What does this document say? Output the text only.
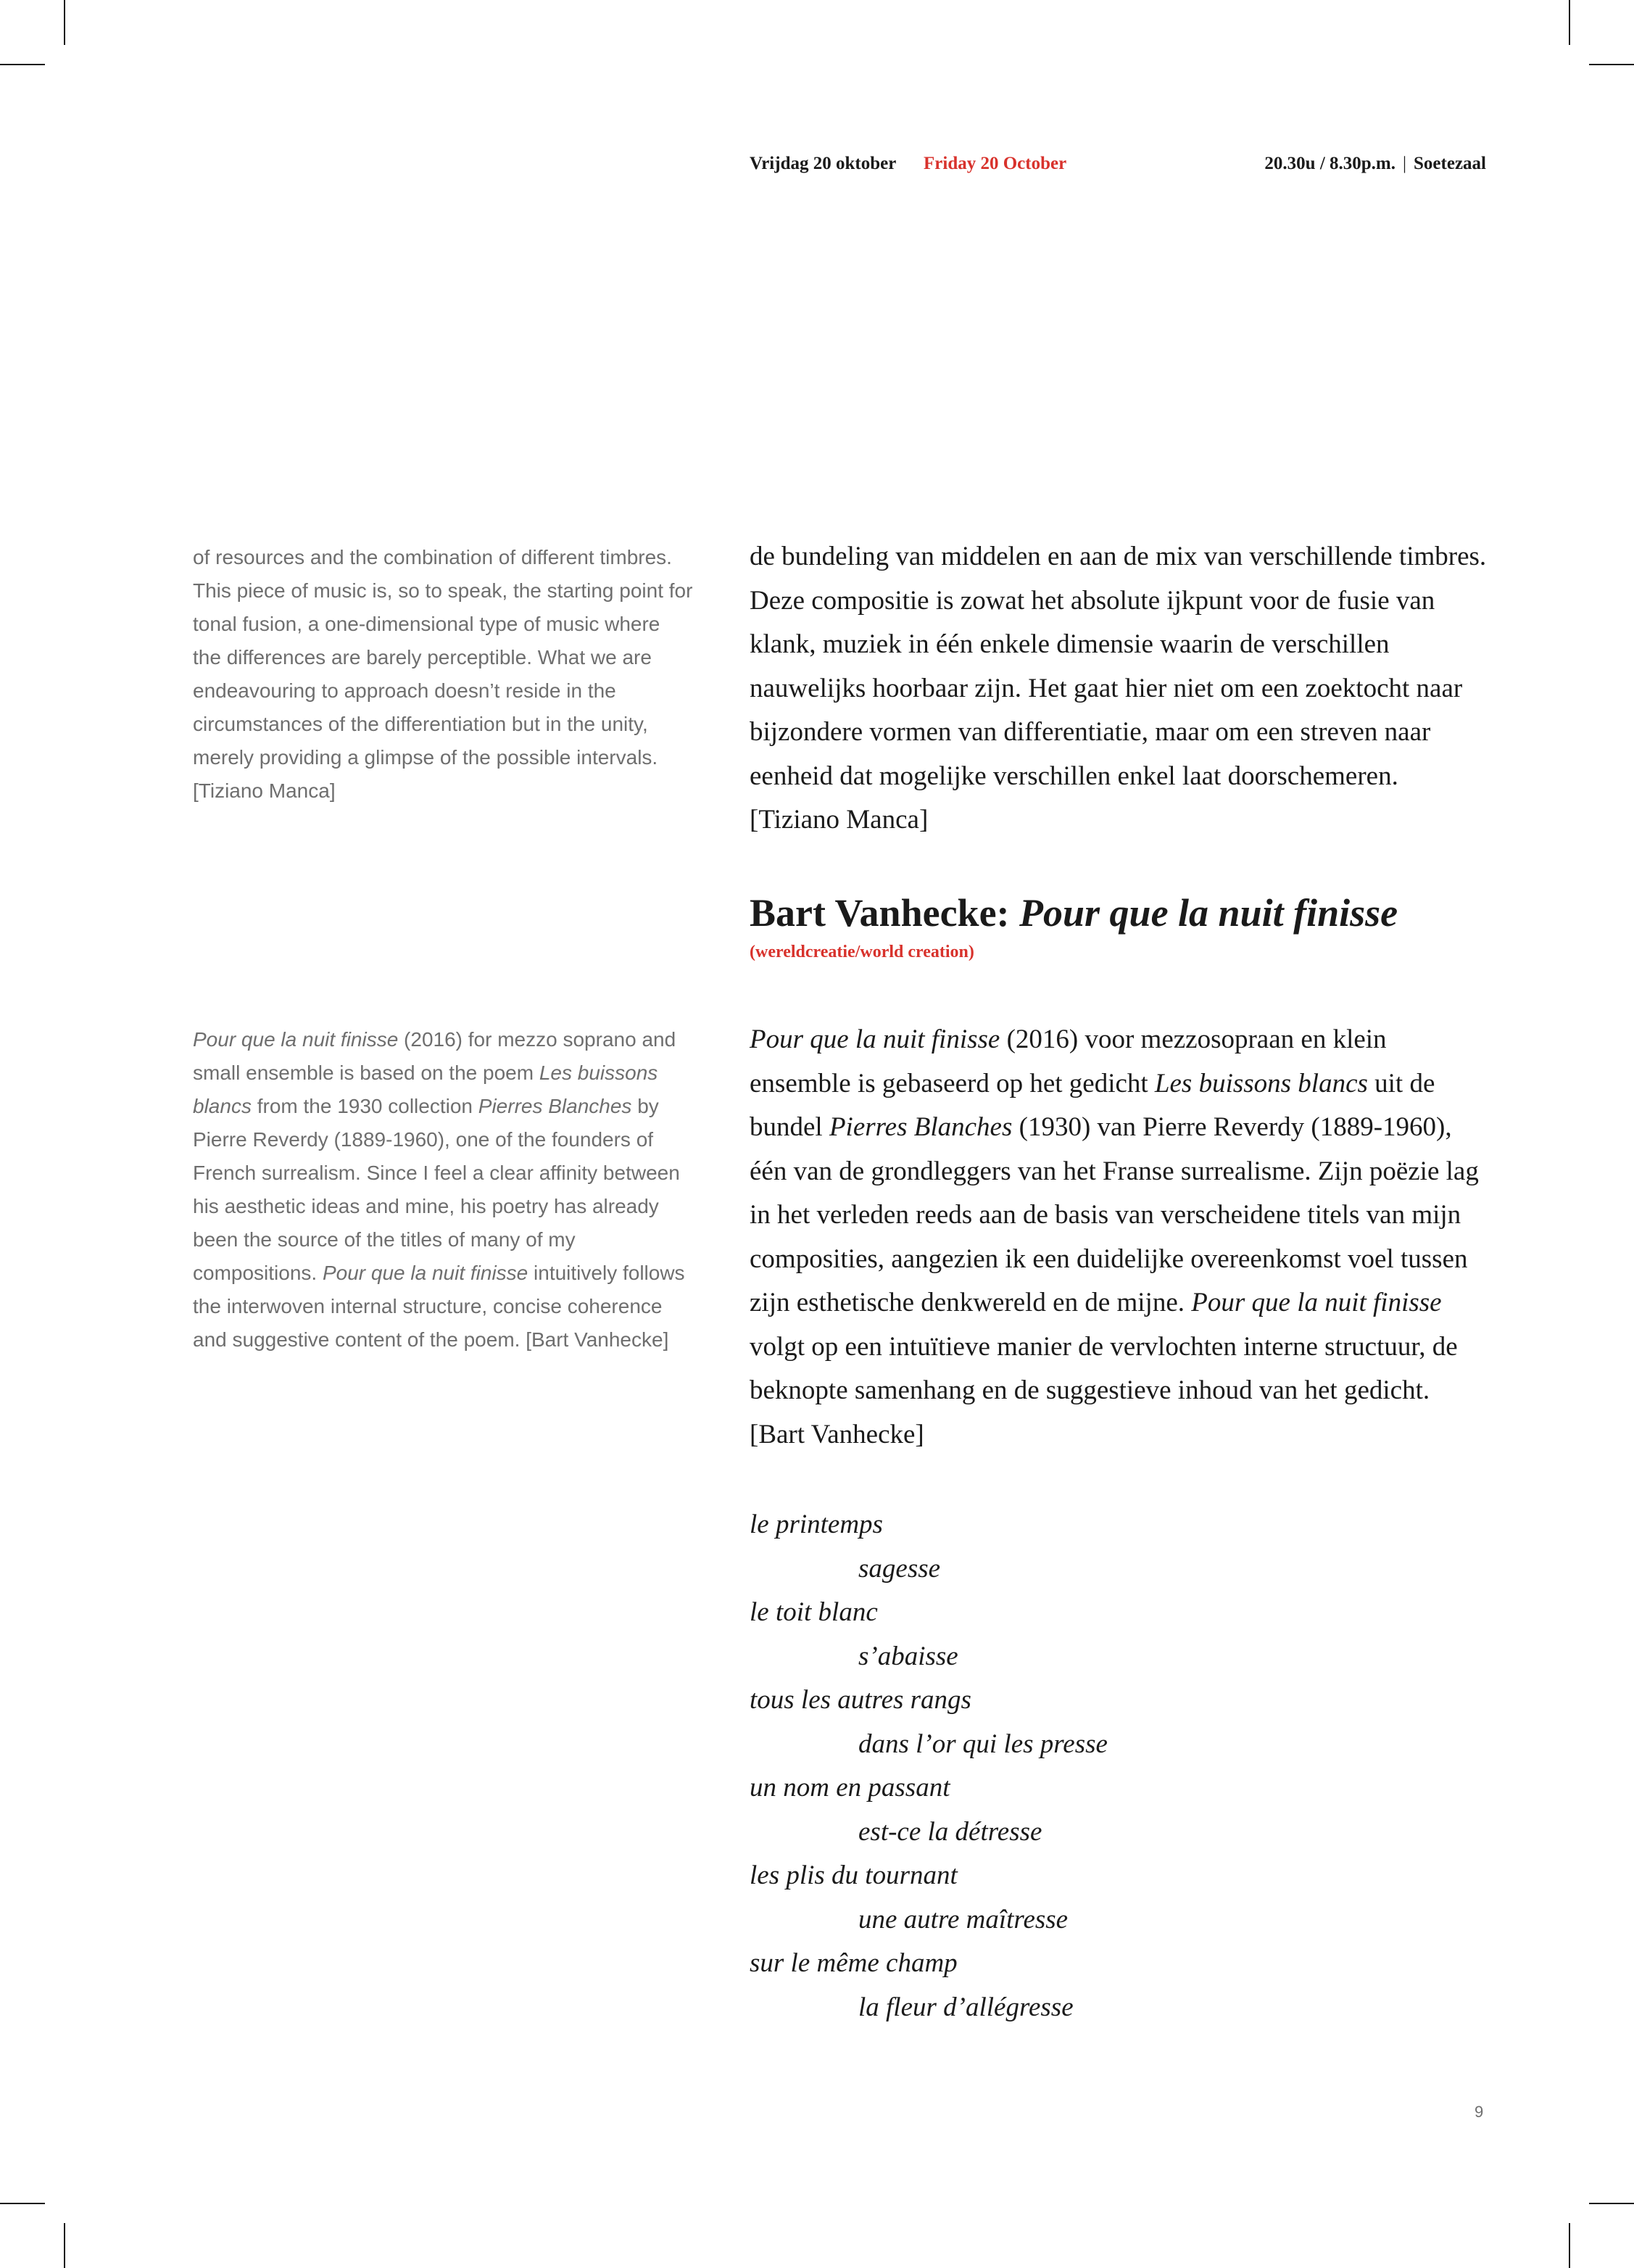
Vrijdag 20 oktober Friday 20 October	20.30u / 8.30p.m. | Soetezaal

of resources and the combination of different timbres. This piece of music is, so to speak, the starting point for tonal fusion, a one-dimensional type of music where the differences are barely perceptible. What we are endeavouring to approach doesn’t reside in the circumstances of the differentiation but in the unity, merely providing a glimpse of the possible intervals. [Tiziano Manca]

de bundeling van middelen en aan de mix van verschillende timbres. Deze compositie is zowat het absolute ijkpunt voor de fusie van klank, muziek in één enkele dimensie waarin de verschillen nauwelijks hoorbaar zijn. Het gaat hier niet om een zoektocht naar bijzondere vormen van differentiatie, maar om een streven naar eenheid dat mogelijke verschillen enkel laat doorschemeren. [Tiziano Manca]

Bart Vanhecke: Pour que la nuit finisse
(wereldcreatie/world creation)

Pour que la nuit finisse (2016) for mezzo soprano and small ensemble is based on the poem Les buissons blancs from the 1930 collection Pierres Blanches by Pierre Reverdy (1889-1960), one of the founders of French surrealism. Since I feel a clear affinity between his aesthetic ideas and mine, his poetry has already been the source of the titles of many of my compositions. Pour que la nuit finisse intuitively follows the interwoven internal structure, concise coherence and suggestive content of the poem. [Bart Vanhecke]

Pour que la nuit finisse (2016) voor mezzosopraan en klein ensemble is gebaseerd op het gedicht Les buissons blancs uit de bundel Pierres Blanches (1930) van Pierre Reverdy (1889-1960), één van de grondleggers van het Franse surrealisme. Zijn poëzie lag in het verleden reeds aan de basis van verscheidene titels van mijn composities, aangezien ik een duidelijke overeenkomst voel tussen zijn esthetische denkwereld en de mijne. Pour que la nuit finisse volgt op een intuïtieve manier de vervlochten interne structuur, de beknopte samenhang en de suggestieve inhoud van het gedicht. [Bart Vanhecke]

le printemps
sagesse
le toit blanc
s’abaisse
tous les autres rangs
dans l’or qui les presse
un nom en passant
est-ce la détresse
les plis du tournant
une autre maîtresse
sur le même champ
la fleur d’allégresse
9
